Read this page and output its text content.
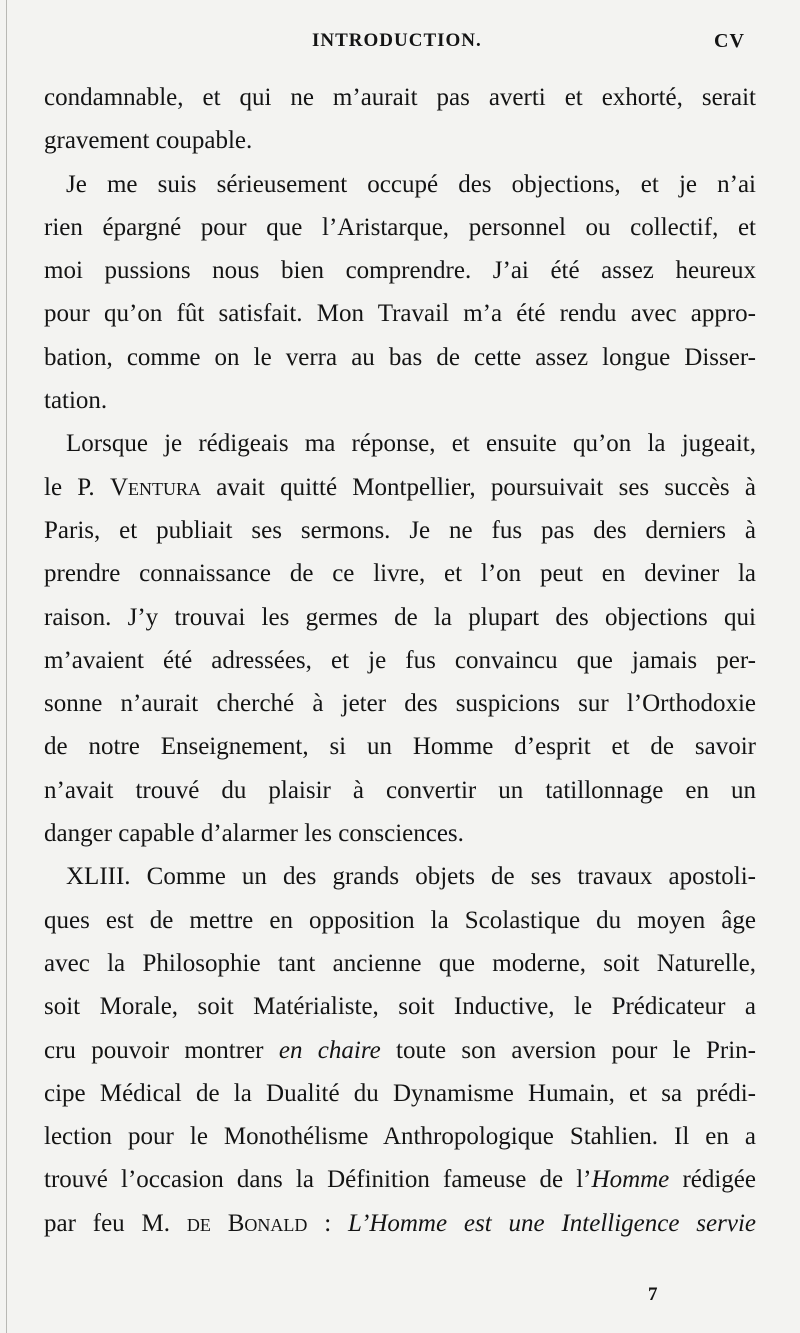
INTRODUCTION.	CV
condamnable, et qui ne m’aurait pas averti et exhorté, serait
gravement coupable.
Je me suis sérieusement occupé des objections, et je n’ai
rien épargné pour que l’Aristarque, personnel ou collectif, et
moi pussions nous bien comprendre. J’ai été assez heureux
pour qu’on fût satisfait. Mon Travail m’a été rendu avec appro-
bation, comme on le verra au bas de cette assez longue Disser-
tation.
Lorsque je rédigeais ma réponse, et ensuite qu’on la jugeait,
le P. Ventura avait quitté Montpellier, poursuivait ses succès à
Paris, et publiait ses sermons. Je ne fus pas des derniers à
prendre connaissance de ce livre, et l’on peut en deviner la
raison. J’y trouvai les germes de la plupart des objections qui
m’avaient été adressées, et je fus convaincu que jamais per-
sonne n’aurait cherché à jeter des suspicions sur l’Orthodoxie
de notre Enseignement, si un Homme d’esprit et de savoir
n’avait trouvé du plaisir à convertir un tatillonnage en un
danger capable d’alarmer les consciences.
XLIII. Comme un des grands objets de ses travaux apostoli-
ques est de mettre en opposition la Scolastique du moyen âge
avec la Philosophie tant ancienne que moderne, soit Naturelle,
soit Morale, soit Matérialiste, soit Inductive, le Prédicateur a
cru pouvoir montrer en chaire toute son aversion pour le Prin-
cipe Médical de la Dualité du Dynamisme Humain, et sa prédi-
lection pour le Monothélisme Anthropologique Stahlien. Il en a
trouvé l’occasion dans la Définition fameuse de l’Homme rédigée
par feu M. de Bonald : L’Homme est une Intelligence servie
7
